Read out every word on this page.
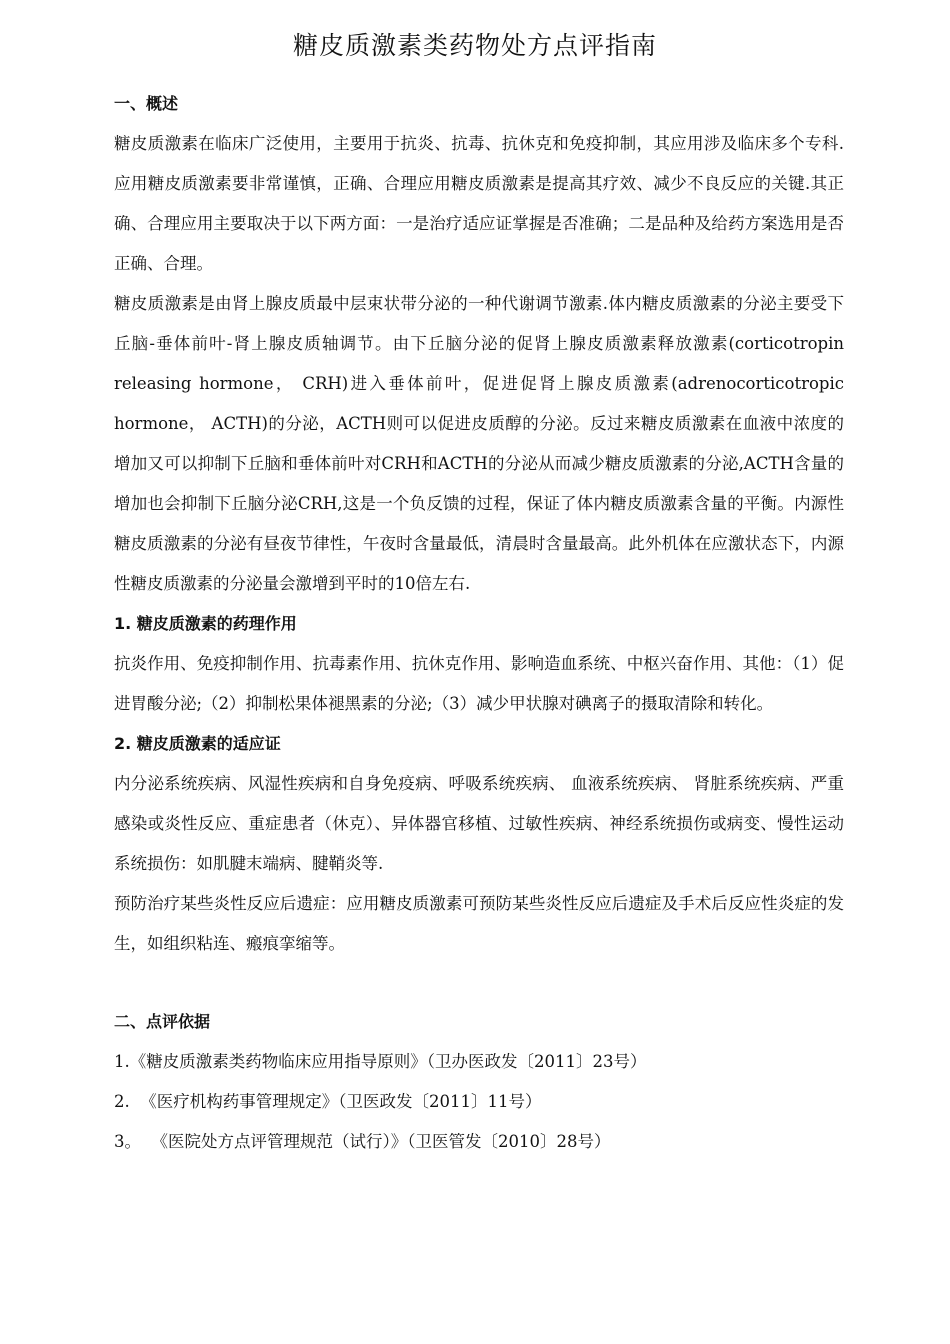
糖皮质激素类药物处方点评指南

一、概述

糖皮质激素在临床广泛使用，主要用于抗炎、抗毒、抗休克和免疫抑制，其应用涉及临床多个专科.应用糖皮质激素要非常谨慎，正确、合理应用糖皮质激素是提高其疗效、减少不良反应的关键.其正确、合理应用主要取决于以下两方面：一是治疗适应证掌握是否准确；二是品种及给药方案选用是否正确、合理。

糖皮质激素是由肾上腺皮质最中层束状带分泌的一种代谢调节激素.体内糖皮质激素的分泌主要受下丘脑-垂体前叶-肾上腺皮质轴调节。由下丘脑分泌的促肾上腺皮质激素释放激素(corticotropin releasing hormone， CRH)进入垂体前叶，促进促肾上腺皮质激素(adrenocorticotropic hormone， ACTH)的分泌，ACTH则可以促进皮质醇的分泌。反过来糖皮质激素在血液中浓度的增加又可以抑制下丘脑和垂体前叶对CRH和ACTH的分泌从而减少糖皮质激素的分泌,ACTH含量的增加也会抑制下丘脑分泌CRH,这是一个负反馈的过程，保证了体内糖皮质激素含量的平衡。内源性糖皮质激素的分泌有昼夜节律性，午夜时含量最低，清晨时含量最高。此外机体在应激状态下，内源性糖皮质激素的分泌量会激增到平时的10倍左右.

1. 糖皮质激素的药理作用

抗炎作用、免疫抑制作用、抗毒素作用、抗休克作用、影响造血系统、中枢兴奋作用、其他：（1）促进胃酸分泌;（2）抑制松果体褪黑素的分泌;（3）减少甲状腺对碘离子的摄取清除和转化。

2. 糖皮质激素的适应证

内分泌系统疾病、风湿性疾病和自身免疫病、呼吸系统疾病、 血液系统疾病、 肾脏系统疾病、严重感染或炎性反应、重症患者（休克）、异体器官移植、过敏性疾病、神经系统损伤或病变、慢性运动系统损伤：如肌腱末端病、腱鞘炎等.

预防治疗某些炎性反应后遗症：应用糖皮质激素可预防某些炎性反应后遗症及手术后反应性炎症的发生，如组织粘连、瘢痕挛缩等。

二、点评依据

1.《糖皮质激素类药物临床应用指导原则》（卫办医政发〔2011〕23号）

2.  《医疗机构药事管理规定》（卫医政发〔2011〕11号）

3。  《医院处方点评管理规范（试行）》（卫医管发〔2010〕28号）
